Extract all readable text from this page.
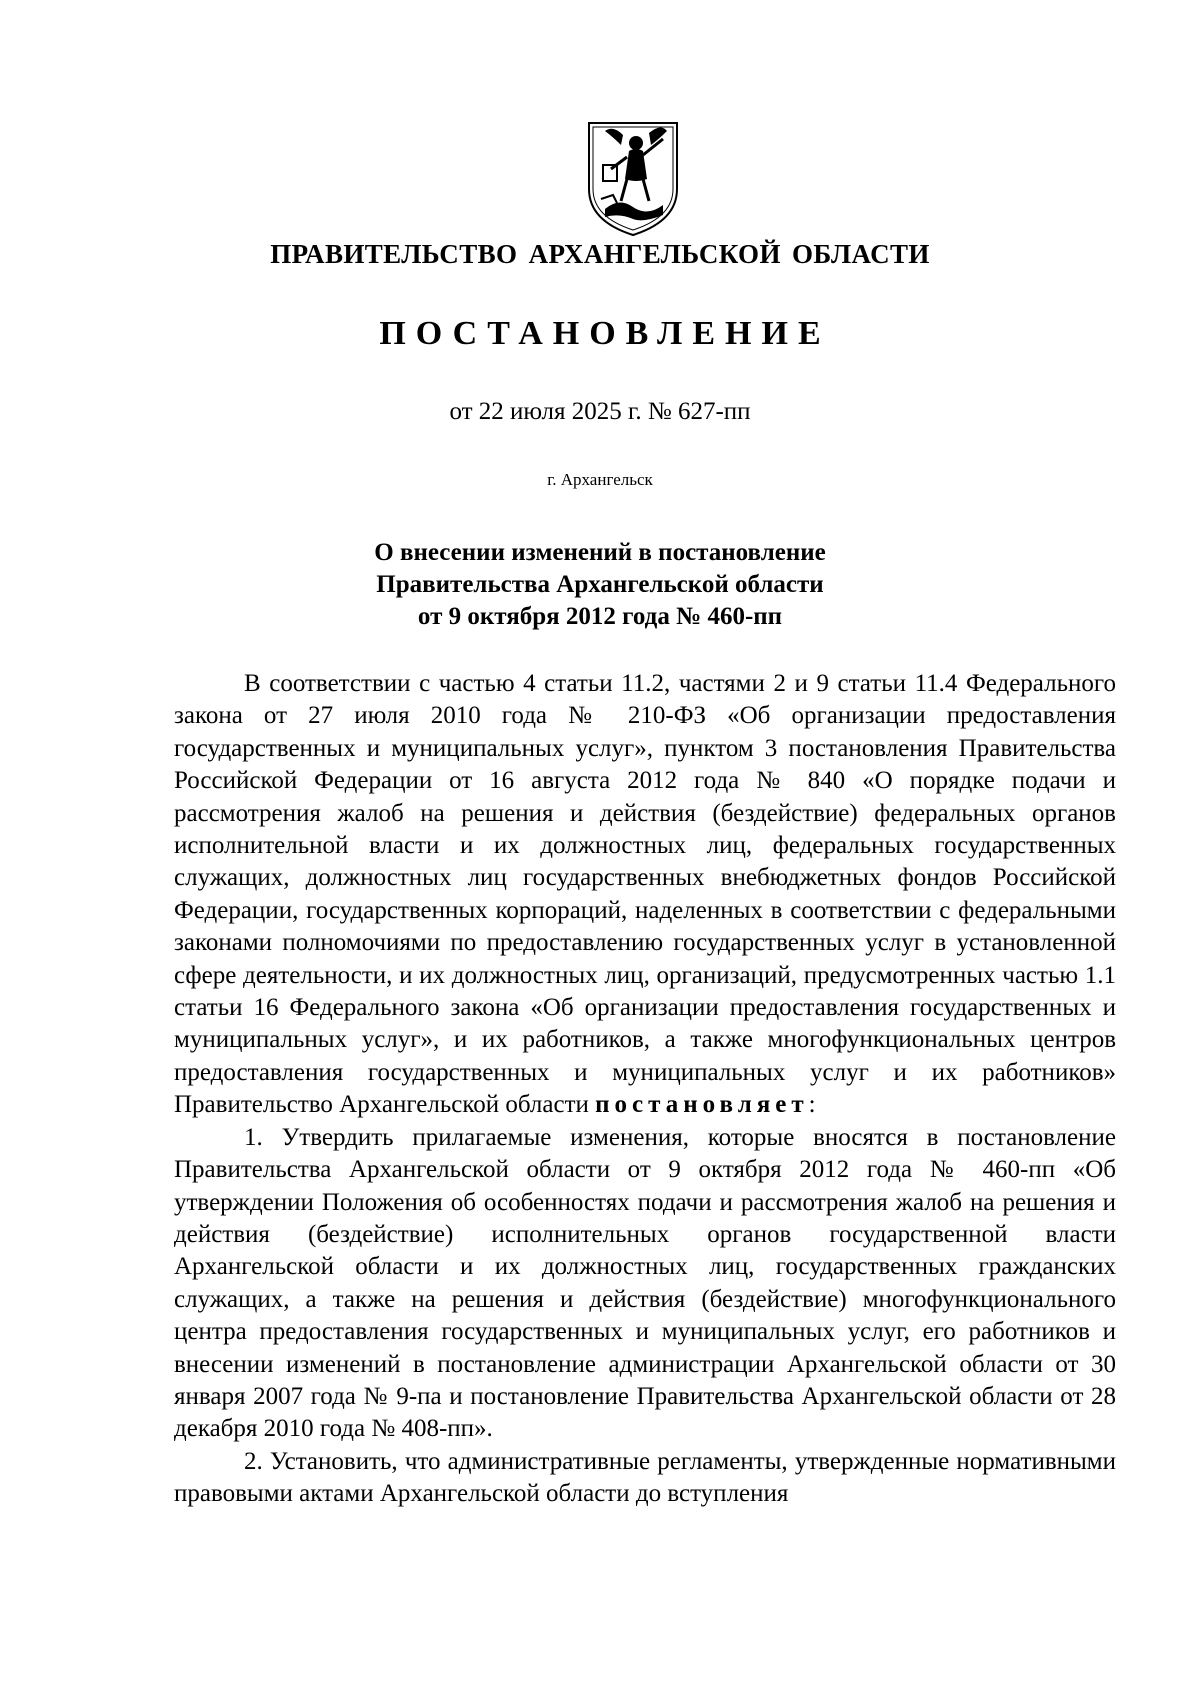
ПРАВИТЕЛЬСТВО АРХАНГЕЛЬСКОЙ ОБЛАСТИ
ПОСТАНОВЛЕНИЕ
от 22 июля 2025 г. № 627-пп
г. Архангельск
О внесении изменений в постановление
Правительства Архангельской области
от 9 октября 2012 года № 460-пп

В соответствии с частью 4 статьи 11.2, частями 2 и 9 статьи 11.4 Федерального закона от 27 июля 2010 года № 210-ФЗ «Об организации предоставления государственных и муниципальных услуг», пунктом 3 постановления Правительства Российской Федерации от 16 августа 2012 года № 840 «О порядке подачи и рассмотрения жалоб на решения и действия (бездействие) федеральных органов исполнительной власти и их должностных лиц, федеральных государственных служащих, должностных лиц государственных внебюджетных фондов Российской Федерации, государственных корпораций, наделенных в соответствии с федеральными законами полномочиями по предоставлению государственных услуг в установленной сфере деятельности, и их должностных лиц, организаций, предусмотренных частью 1.1 статьи 16 Федерального закона «Об организации предоставления государственных и муниципальных услуг», и их работников, а также многофункциональных центров предоставления государственных и муниципальных услуг и их работников» Правительство Архангельской области постановляет:

1. Утвердить прилагаемые изменения, которые вносятся в постановление Правительства Архангельской области от 9 октября 2012 года № 460-пп «Об утверждении Положения об особенностях подачи и рассмотрения жалоб на решения и действия (бездействие) исполнительных органов государственной власти Архангельской области и их должностных лиц, государственных гражданских служащих, а также на решения и действия (бездействие) многофункционального центра предоставления государственных и муниципальных услуг, его работников и внесении изменений в постановление администрации Архангельской области от 30 января 2007 года № 9-па и постановление Правительства Архангельской области от 28 декабря 2010 года № 408-пп».

2. Установить, что административные регламенты, утвержденные нормативными правовыми актами Архангельской области до вступления
